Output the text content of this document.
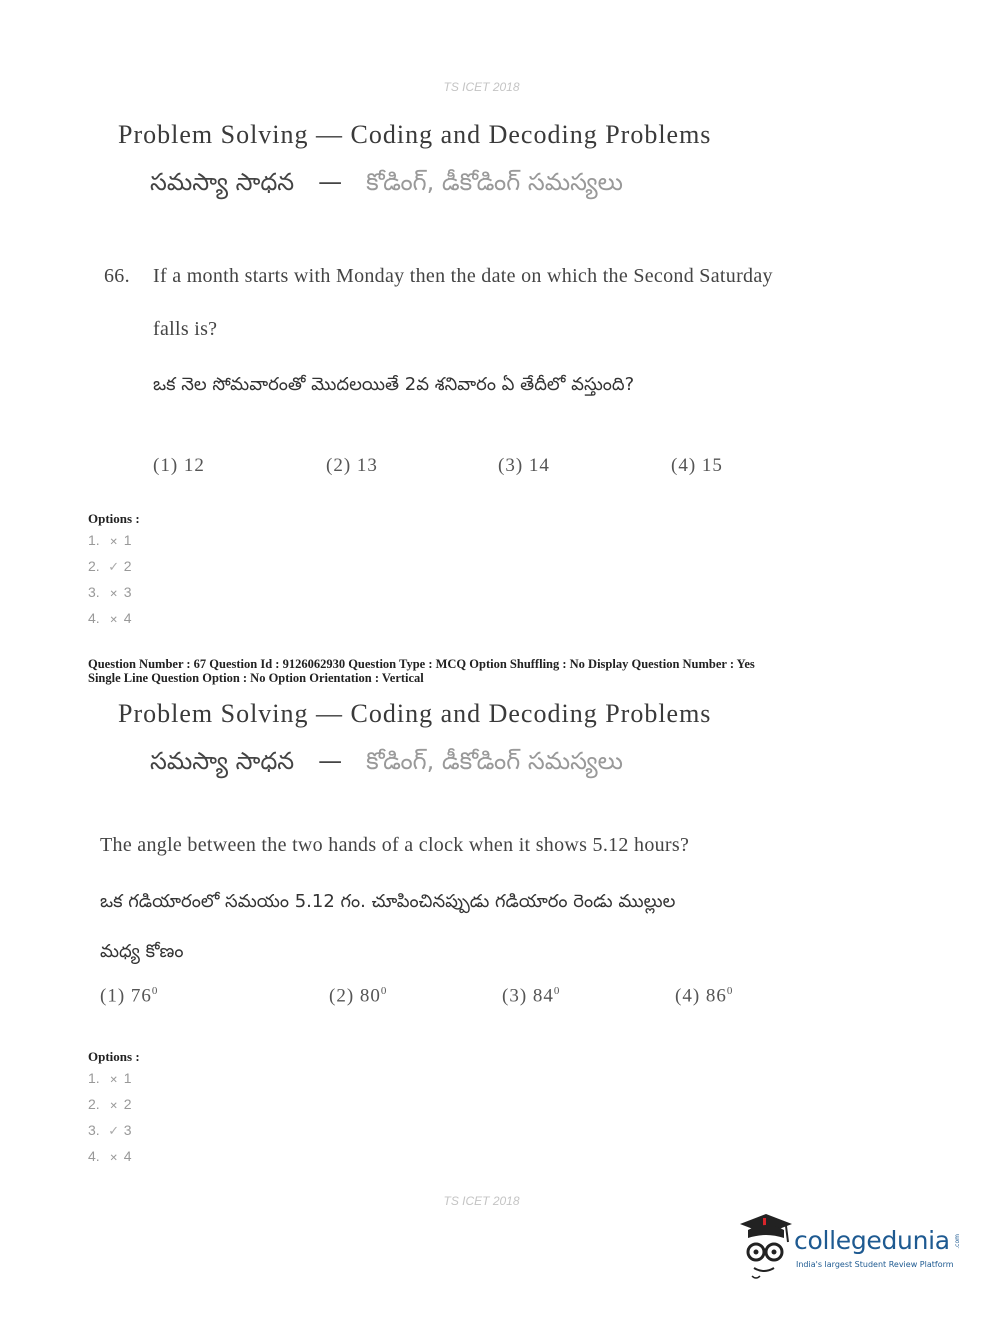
TS ICET 2018
Problem Solving — Coding and Decoding Problems
సమస్యా సాధన — కోడింగ్, డీకోడింగ్ సమస్యలు
66. If a month starts with Monday then the date on which the Second Saturday
falls is?
ఒక నెల సోమవారంతో మొదలయితే 2వ శనివారం ఏ తేదీలో వస్తుంది?
(1) 12	(2) 13	(3) 14	(4) 15
Options :
1. ✕ 1
2. ✓ 2
3. ✕ 3
4. ✕ 4
Question Number : 67 Question Id : 9126062930 Question Type : MCQ Option Shuffling : No Display Question Number : Yes
Single Line Question Option : No Option Orientation : Vertical
Problem Solving — Coding and Decoding Problems
సమస్యా సాధన — కోడింగ్, డీకోడింగ్ సమస్యలు
The angle between the two hands of a clock when it shows 5.12 hours?
ఒక గడియారంలో సమయం 5.12 గం. చూపించినప్పుడు గడియారం రెండు ముల్లుల
మధ్య కోణం
(1) $76^0$	(2) $80^0$	(3) $84^0$	(4) $86^0$
Options :
1. ✕ 1
2. ✕ 2
3. ✓ 3
4. ✕ 4
TS ICET 2018
collegedunia .com
India's largest Student Review Platform
